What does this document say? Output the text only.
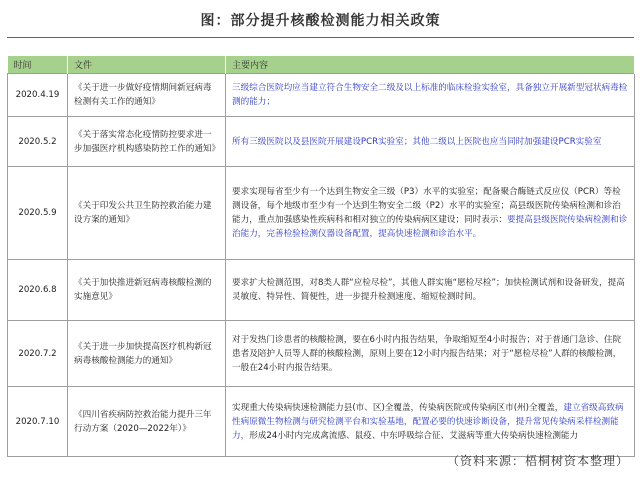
图：部分提升核酸检测能力相关政策
时间	文件	主要内容
2020.4.19	《关于进一步做好疫情期间新冠病毒检测有关工作的通知》	三级综合医院均应当建立符合生物安全二级及以上标准的临床检验实验室，具备独立开展新型冠状病毒检测的能力；
2020.5.2	《关于落实常态化疫情防控要求进一步加强医疗机构感染防控工作的通知》	所有三级医院以及县医院开展建设PCR实验室；其他二级以上医院也应当同时加强建设PCR实验室
2020.5.9	《关于印发公共卫生防控救治能力建设方案的通知》	要求实现每省至少有一个达到生物安全三级（P3）水平的实验室；配备聚合酶链式反应仪（PCR）等检测设备，每个地级市至少有一个达到生物安全二级（P2）水平的实验室；高县级医院传染病检测和诊治能力，重点加强感染性疾病科和相对独立的传染病病区建设；同时表示：要提高县级医院传染病检测和诊治能力，完善检验检测仪器设备配置，提高快速检测和诊治水平。
2020.6.8	《关于加快推进新冠病毒核酸检测的实施意见》	要求扩大检测范围，对8类人群“应检尽检”，其他人群实施“愿检尽检”；加快检测试剂和设备研发，提高灵敏度、特异性、简便性，进一步提升检测速度、缩短检测时间。
2020.7.2	《关于进一步加快提高医疗机构新冠病毒核酸检测能力的通知》	对于发热门诊患者的核酸检测，要在6小时内报告结果，争取缩短至4小时报告；对于普通门急诊、住院患者及陪护人员等人群的核酸检测，原则上要在12小时内报告结果；对于“愿检尽检”人群的核酸检测，一般在24小时内报告结果。
2020.7.10	《四川省疾病防控救治能力提升三年行动方案（2020—2022年）》	实现重大传染病快速检测能力县(市、区)全覆盖，传染病医院或传染病区市(州)全覆盖，建立省级高致病性病原微生物检测与研究检测平台和实验基地，配置必要的快速诊断设备，提升常见传染病采样检测能力，形成24小时内完成禽流感、鼠疫、中东呼吸综合征、艾滋病等重大传染病快速检测能力
（资料来源：梧桐树资本整理）
